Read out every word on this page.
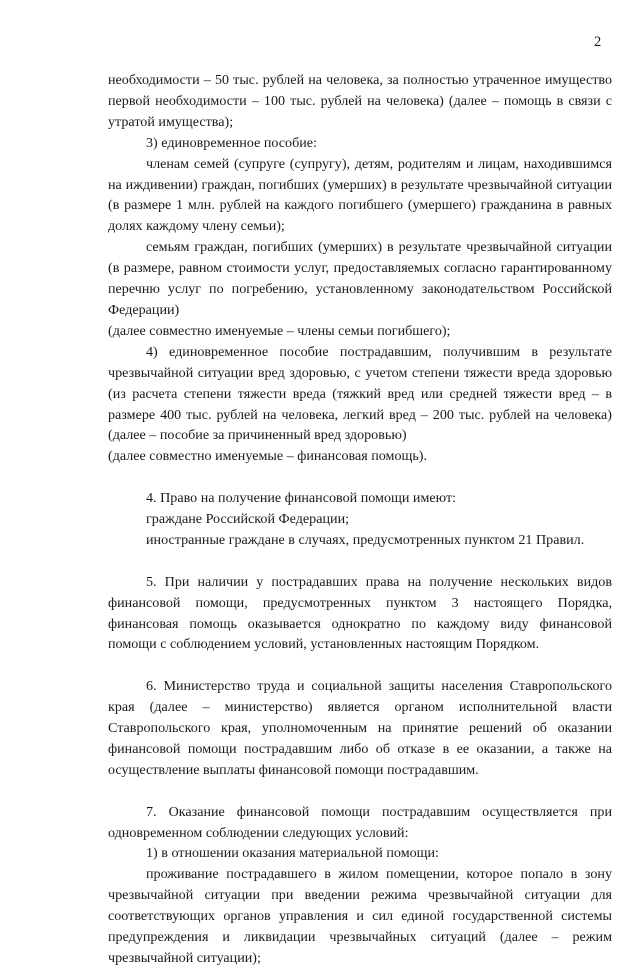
2

необходимости – 50 тыс. рублей на человека, за полностью утраченное имущество первой необходимости – 100 тыс. рублей на человека) (далее – помощь в связи с утратой имущества);

3) единовременное пособие:

членам семей (супруге (супругу), детям, родителям и лицам, находившимся на иждивении) граждан, погибших (умерших) в результате чрезвычайной ситуации (в размере 1 млн. рублей на каждого погибшего (умершего) гражданина в равных долях каждому члену семьи);

семьям граждан, погибших (умерших) в результате чрезвычайной ситуации (в размере, равном стоимости услуг, предоставляемых согласно гарантированному перечню услуг по погребению, установленному законодательством Российской Федерации)

(далее совместно именуемые – члены семьи погибшего);

4) единовременное пособие пострадавшим, получившим в результате чрезвычайной ситуации вред здоровью, с учетом степени тяжести вреда здоровью (из расчета степени тяжести вреда (тяжкий вред или средней тяжести вред – в размере 400 тыс. рублей на человека, легкий вред – 200 тыс. рублей на человека) (далее – пособие за причиненный вред здоровью)

(далее совместно именуемые – финансовая помощь).

4. Право на получение финансовой помощи имеют:

граждане Российской Федерации;

иностранные граждане в случаях, предусмотренных пунктом 21 Правил.

5. При наличии у пострадавших права на получение нескольких видов финансовой помощи, предусмотренных пунктом 3 настоящего Порядка, финансовая помощь оказывается однократно по каждому виду финансовой помощи с соблюдением условий, установленных настоящим Порядком.

6. Министерство труда и социальной защиты населения Ставропольского края (далее – министерство) является органом исполнительной власти Ставропольского края, уполномоченным на принятие решений об оказании финансовой помощи пострадавшим либо об отказе в ее оказании, а также на осуществление выплаты финансовой помощи пострадавшим.

7. Оказание финансовой помощи пострадавшим осуществляется при одновременном соблюдении следующих условий:

1) в отношении оказания материальной помощи:

проживание пострадавшего в жилом помещении, которое попало в зону чрезвычайной ситуации при введении режима чрезвычайной ситуации для соответствующих органов управления и сил единой государственной системы предупреждения и ликвидации чрезвычайных ситуаций (далее – режим чрезвычайной ситуации);
